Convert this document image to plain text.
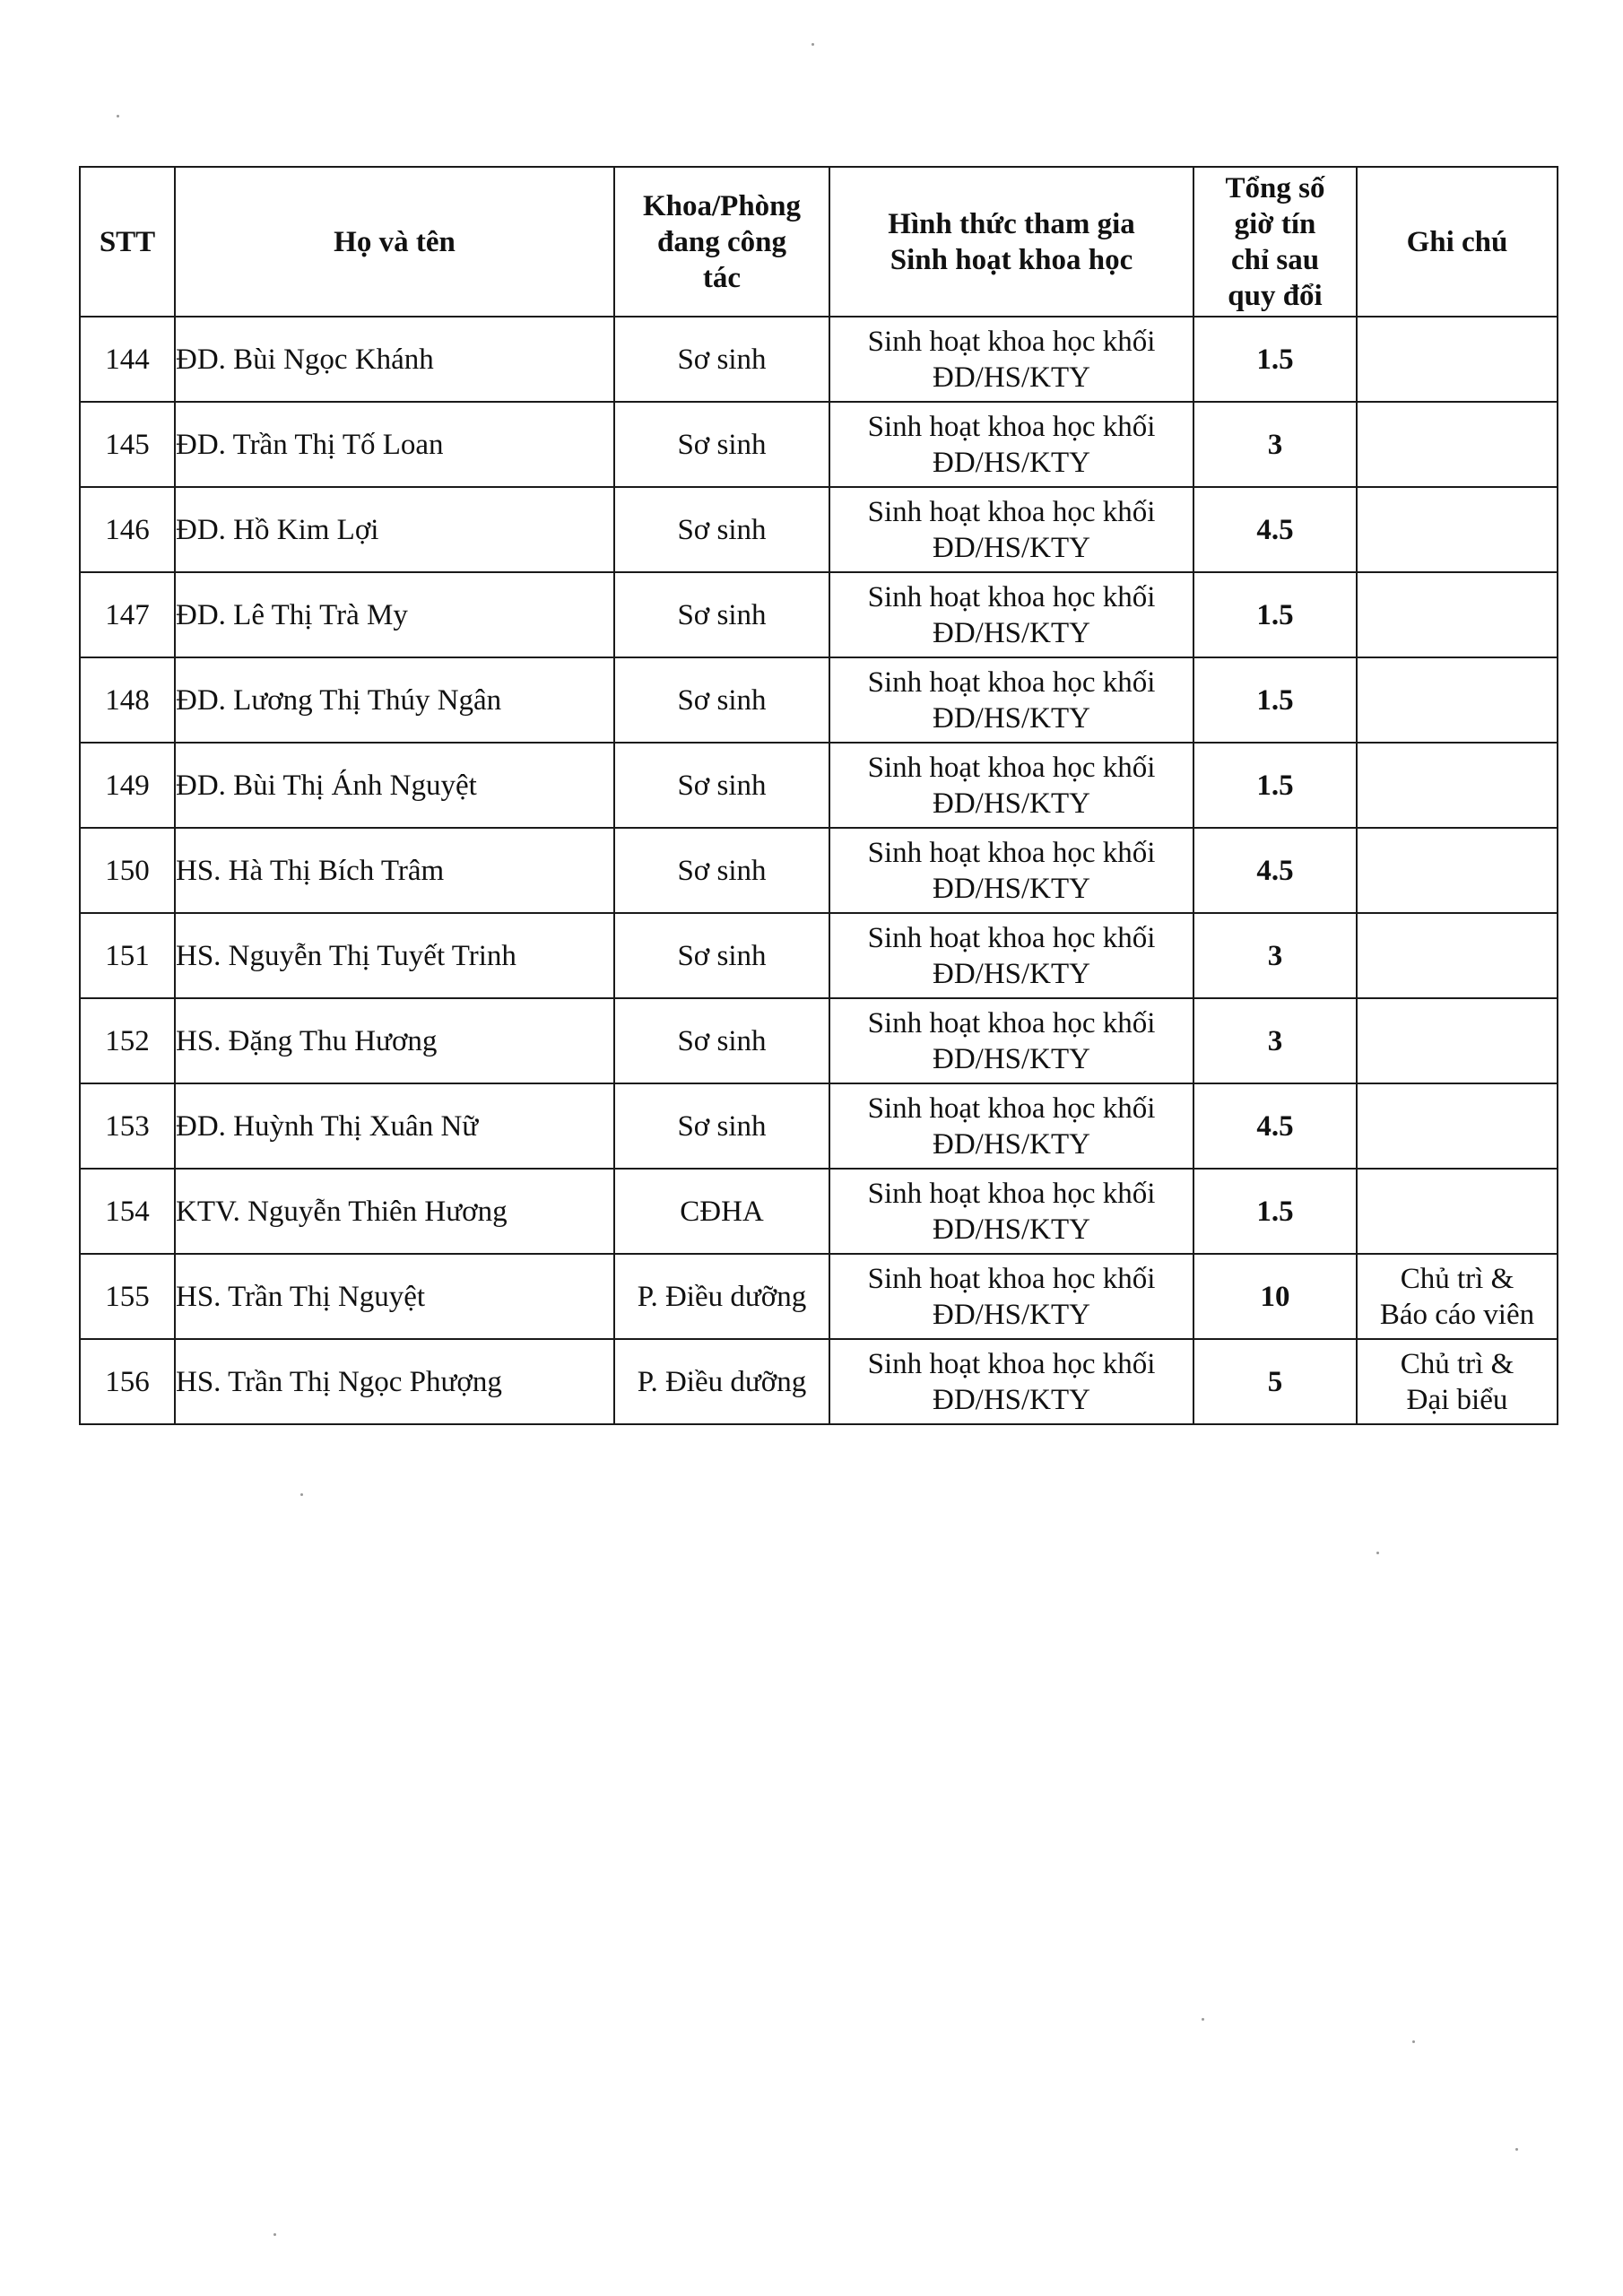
STT	Họ và tên	Khoa/Phòng
đang công
tác	Hình thức tham gia
Sinh hoạt khoa học	Tổng số
giờ tín
chỉ sau
quy đổi	Ghi chú
144	ĐD. Bùi Ngọc Khánh	Sơ sinh	Sinh hoạt khoa học khối
ĐD/HS/KTY	1.5	
145	ĐD. Trần Thị Tố Loan	Sơ sinh	Sinh hoạt khoa học khối
ĐD/HS/KTY	3	
146	ĐD. Hồ Kim Lợi	Sơ sinh	Sinh hoạt khoa học khối
ĐD/HS/KTY	4.5	
147	ĐD. Lê Thị Trà My	Sơ sinh	Sinh hoạt khoa học khối
ĐD/HS/KTY	1.5	
148	ĐD. Lương Thị Thúy Ngân	Sơ sinh	Sinh hoạt khoa học khối
ĐD/HS/KTY	1.5	
149	ĐD. Bùi Thị Ánh Nguyệt	Sơ sinh	Sinh hoạt khoa học khối
ĐD/HS/KTY	1.5	
150	HS. Hà Thị Bích Trâm	Sơ sinh	Sinh hoạt khoa học khối
ĐD/HS/KTY	4.5	
151	HS. Nguyễn Thị Tuyết Trinh	Sơ sinh	Sinh hoạt khoa học khối
ĐD/HS/KTY	3	
152	HS. Đặng Thu Hương	Sơ sinh	Sinh hoạt khoa học khối
ĐD/HS/KTY	3	
153	ĐD. Huỳnh Thị Xuân Nữ	Sơ sinh	Sinh hoạt khoa học khối
ĐD/HS/KTY	4.5	
154	KTV. Nguyễn Thiên Hương	CĐHA	Sinh hoạt khoa học khối
ĐD/HS/KTY	1.5	
155	HS. Trần Thị Nguyệt	P. Điều dưỡng	Sinh hoạt khoa học khối
ĐD/HS/KTY	10	Chủ trì &
Báo cáo viên

156	HS. Trần Thị Ngọc Phượng	P. Điều dưỡng	Sinh hoạt khoa học khối
ĐD/HS/KTY	5	Chủ trì &
Đại biểu
